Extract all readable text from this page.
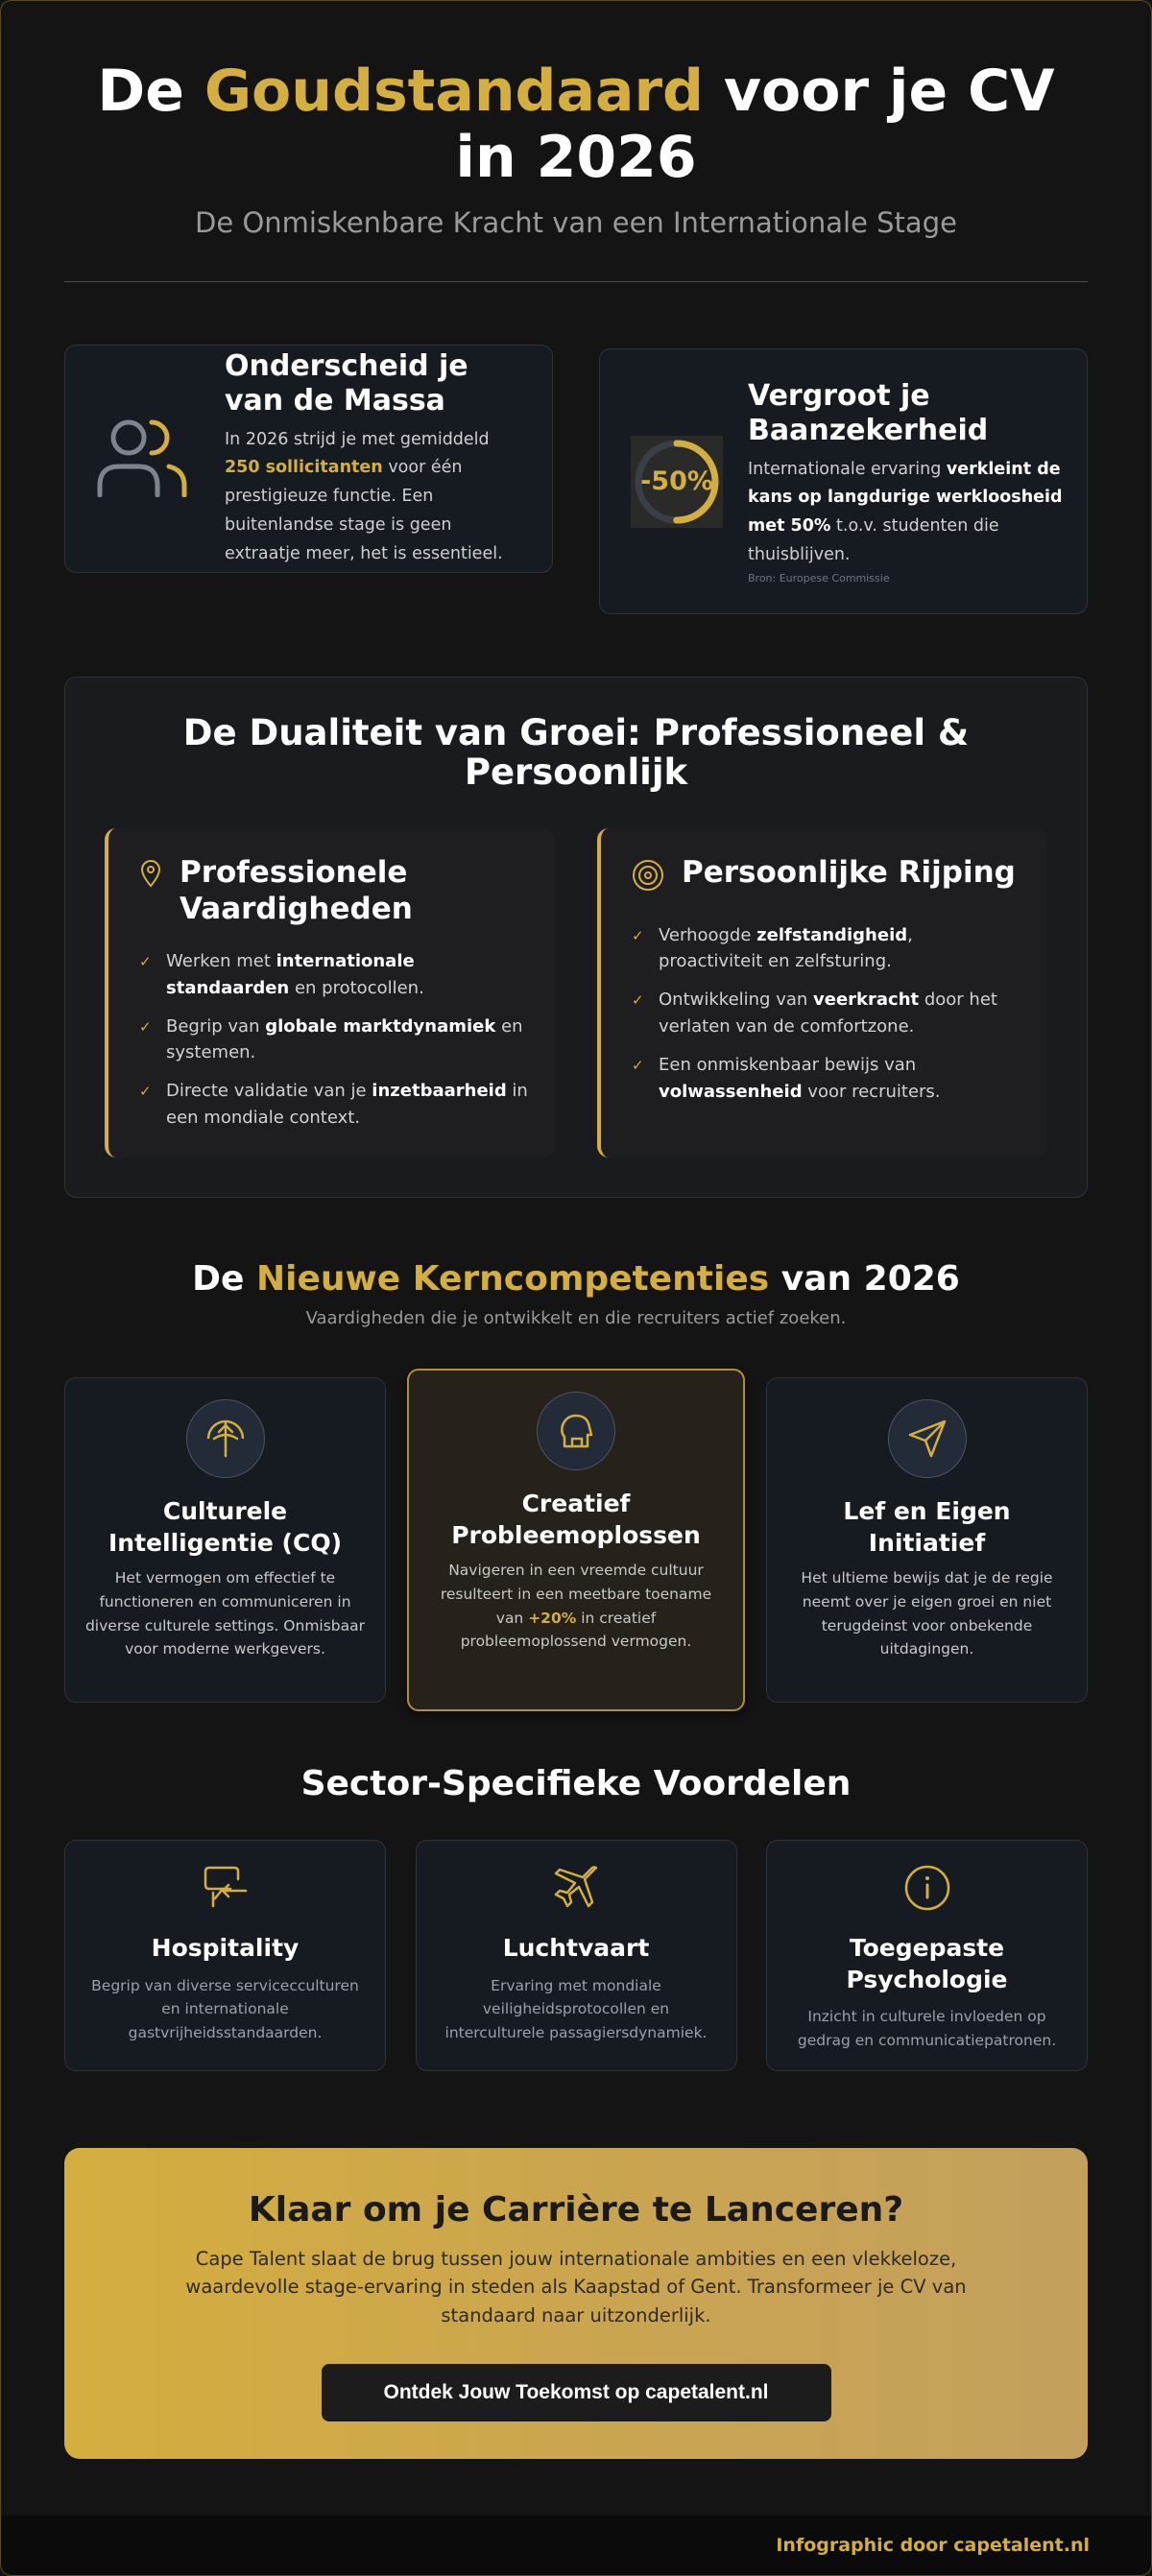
De Goudstandaard voor je CV in 2026
De Onmiskenbare Kracht van een Internationale Stage
Onderscheid je van de Massa

In 2026 strijd je met gemiddeld 250 sollicitanten voor één prestigieuze functie. Een buitenlandse stage is geen extraatje meer, het is essentieel.

-50%
Vergroot je Baanzekerheid

Internationale ervaring verkleint de kans op langdurige werkloosheid met 50% t.o.v. studenten die thuisblijven.

Bron: Europese Commissie
De Dualiteit van Groei: Professioneel & Persoonlijk
Professionele Vaardigheden
✓ Werken met internationale standaarden en protocollen.
✓ Begrip van globale marktdynamiek en systemen.
✓ Directe validatie van je inzetbaarheid in een mondiale context.
Persoonlijke Rijping
✓ Verhoogde zelfstandigheid, proactiviteit en zelfsturing.
✓ Ontwikkeling van veerkracht door het verlaten van de comfortzone.
✓ Een onmiskenbaar bewijs van volwassenheid voor recruiters.
De Nieuwe Kerncompetenties van 2026
Vaardigheden die je ontwikkelt en die recruiters actief zoeken.
Culturele Intelligentie (CQ)

Het vermogen om effectief te functioneren en communiceren in diverse culturele settings. Onmisbaar voor moderne werkgevers.

Creatief Probleemoplossen

Navigeren in een vreemde cultuur resulteert in een meetbare toename van +20% in creatief probleemoplossend vermogen.

Lef en Eigen Initiatief

Het ultieme bewijs dat je de regie neemt over je eigen groei en niet terugdeinst voor onbekende uitdagingen.

Sector-Specifieke Voordelen
Hospitality

Begrip van diverse servicecculturen en internationale gastvrijheidsstandaarden.

Luchtvaart

Ervaring met mondiale veiligheidsprotocollen en interculturele passagiersdynamiek.

Toegepaste Psychologie

Inzicht in culturele invloeden op gedrag en communicatiepatronen.

Klaar om je Carrière te Lanceren?

Cape Talent slaat de brug tussen jouw internationale ambities en een vlekkeloze, waardevolle stage-ervaring in steden als Kaapstad of Gent. Transformeer je CV van standaard naar uitzonderlijk.

Ontdek Jouw Toekomst op capetalent.nl
Infographic door capetalent.nl
